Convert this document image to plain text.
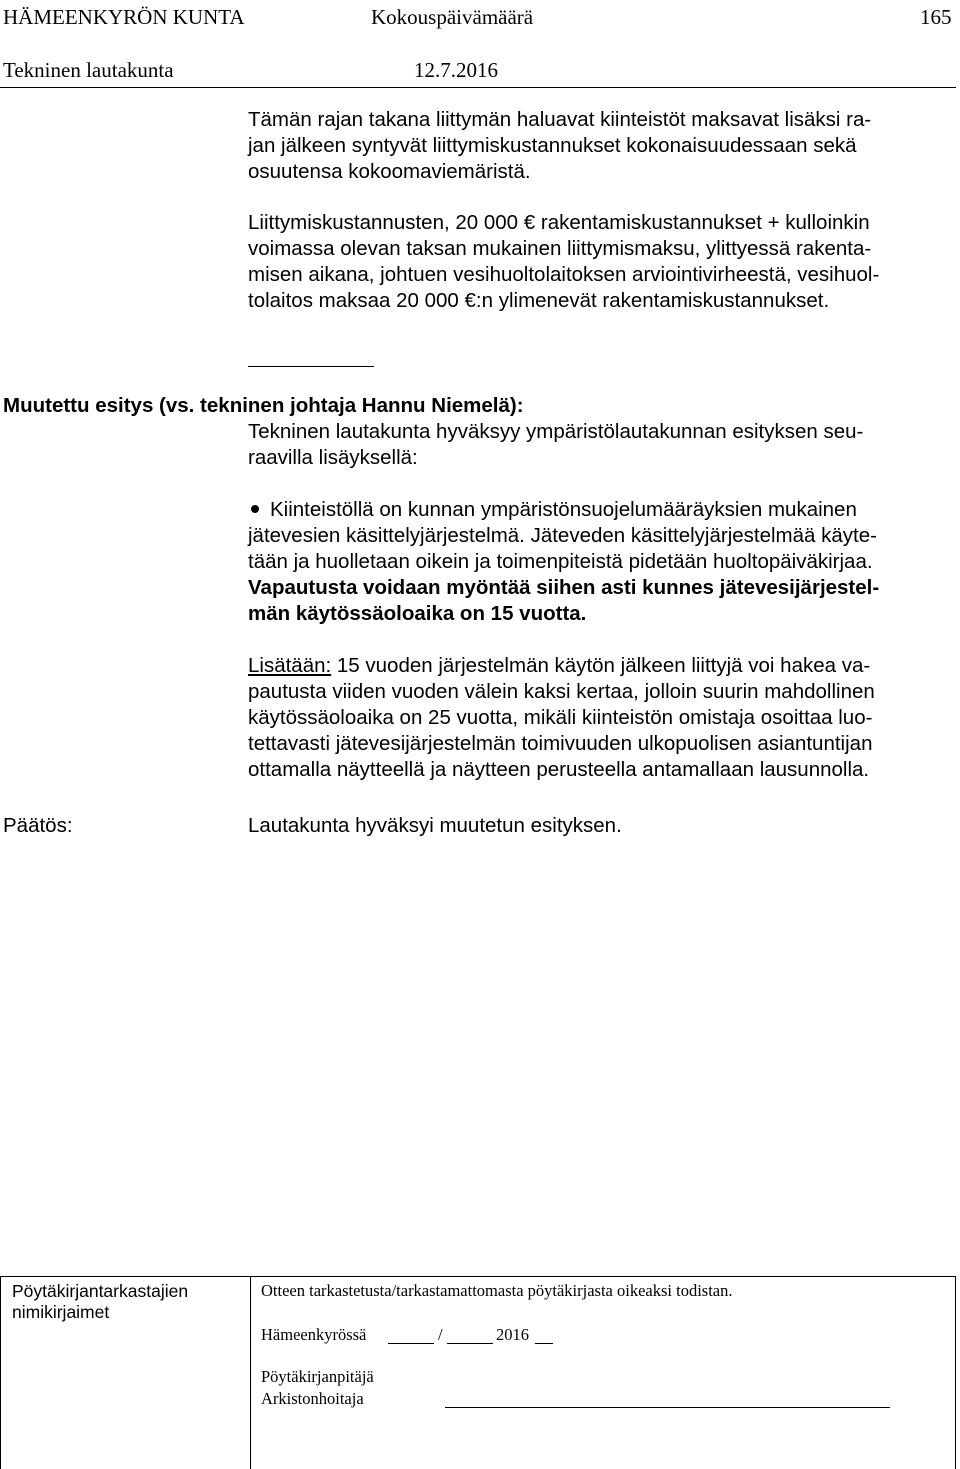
HÄMEENKYRÖN KUNTA	Kokouspäivämäärä	165
Tekninen lautakunta	12.7.2016
Tämän rajan takana liittymän haluavat kiinteistöt maksavat lisäksi ra-
jan jälkeen syntyvät liittymiskustannukset kokonaisuudessaan sekä
osuutensa kokoomaviemäristä.
Liittymiskustannusten, 20 000 € rakentamiskustannukset + kulloinkin
voimassa olevan taksan mukainen liittymismaksu, ylittyessä rakenta-
misen aikana, johtuen vesihuoltolaitoksen arviointivirheestä, vesihuol-
tolaitos maksaa 20 000 €:n ylimenevät rakentamiskustannukset.
Muutettu esitys (vs. tekninen johtaja Hannu Niemelä):
Tekninen lautakunta hyväksyy ympäristölautakunnan esityksen seu-
raavilla lisäyksellä:
Kiinteistöllä on kunnan ympäristönsuojelumääräyksien mukainen
jätevesien käsittelyjärjestelmä. Jäteveden käsittelyjärjestelmää käyte-
tään ja huolletaan oikein ja toimenpiteistä pidetään huoltopäiväkirjaa.
Vapautusta voidaan myöntää siihen asti kunnes jätevesijärjestel-
män käytössäoloaika on 15 vuotta.
Lisätään: 15 vuoden järjestelmän käytön jälkeen liittyjä voi hakea va-
pautusta viiden vuoden välein kaksi kertaa, jolloin suurin mahdollinen
käytössäoloaika on 25 vuotta, mikäli kiinteistön omistaja osoittaa luo-
tettavasti jätevesijärjestelmän toimivuuden ulkopuolisen asiantuntijan
ottamalla näytteellä ja näytteen perusteella antamallaan lausunnolla.
Päätös:	Lautakunta hyväksyi muutetun esityksen.
Pöytäkirjantarkastajien
nimikirjaimet
Otteen tarkastetusta/tarkastamattomasta pöytäkirjasta oikeaksi todistan.
Hämeenkyrössä	/	2016
Pöytäkirjanpitäjä
Arkistonhoitaja
